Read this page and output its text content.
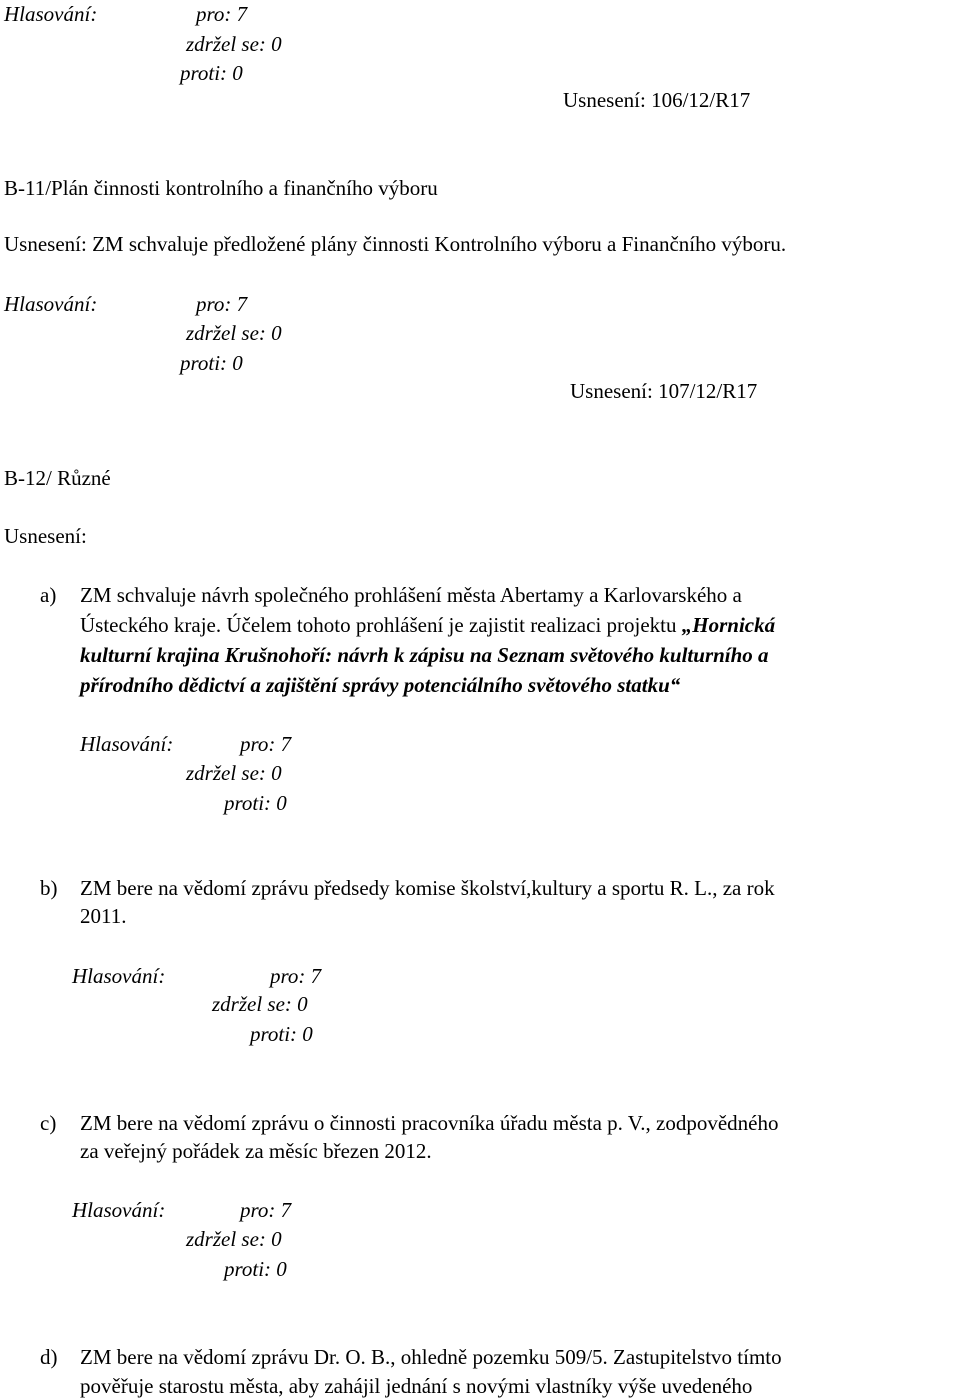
Hlasování:	pro: 7
zdržel se: 0
proti: 0
Usnesení: 106/12/R17
B-11/Plán činnosti kontrolního a finančního výboru
Usnesení: ZM schvaluje předložené plány činnosti Kontrolního výboru a Finančního výboru.
Hlasování:	pro: 7
zdržel se: 0
proti: 0
Usnesení: 107/12/R17
B-12/ Různé
Usnesení:
a) ZM schvaluje návrh společného prohlášení města Abertamy a Karlovarského a
Ústeckého kraje. Účelem tohoto prohlášení je zajistit realizaci projektu „Hornická
kulturní krajina Krušnohoří: návrh k zápisu na Seznam světového kulturního a
přírodního dědictví a zajištění správy potenciálního světového statku“
Hlasování:	pro: 7
zdržel se: 0
proti: 0
b) ZM bere na vědomí zprávu předsedy komise školství,kultury a sportu R. L., za rok
2011.
Hlasování:	pro: 7
zdržel se: 0
proti: 0
c) ZM bere na vědomí zprávu o činnosti pracovníka úřadu města p. V., zodpovědného
za veřejný pořádek za měsíc březen 2012.
Hlasování:	pro: 7
zdržel se: 0
proti: 0
d) ZM bere na vědomí zprávu Dr. O. B., ohledně pozemku 509/5. Zastupitelstvo tímto
pověřuje starostu města, aby zahájil jednání s novými vlastníky výše uvedeného
